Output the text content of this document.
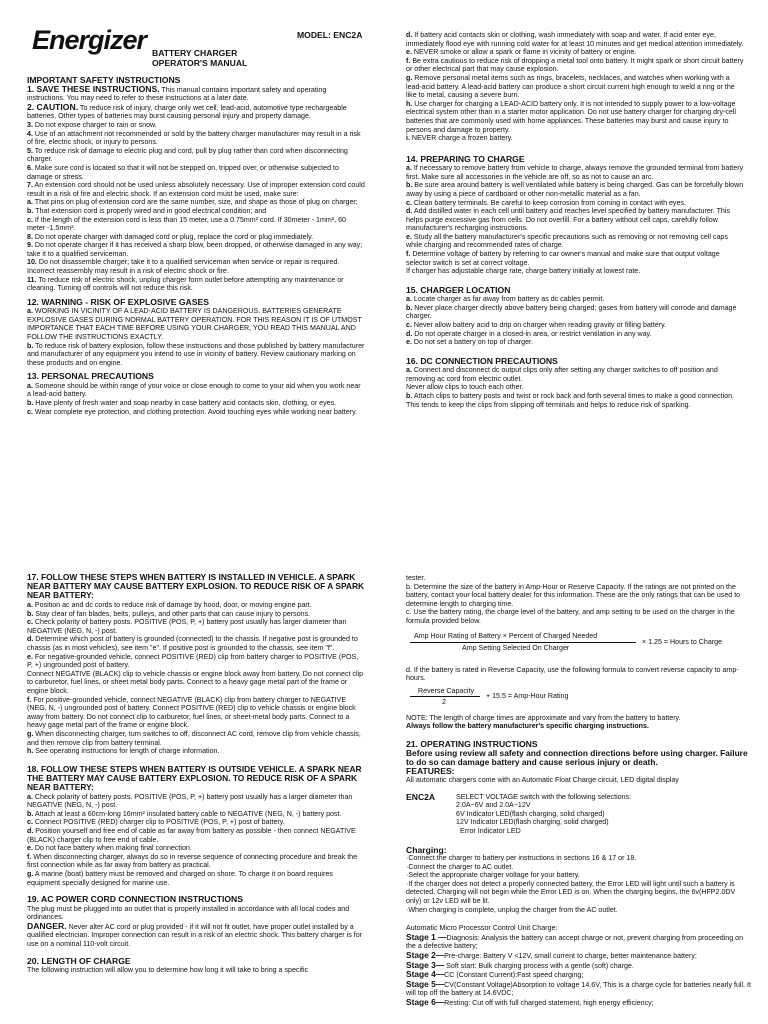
Energizer BATTERY CHARGER
OPERATOR'S MANUAL
MODEL: ENC2A

IMPORTANT SAFETY INSTRUCTIONS

1. SAVE THESE INSTRUCTIONS. This manual contains important safety and operating instructions. You may need to refer to these instructions at a later date.

2. CAUTION. To reduce risk of injury, charge only wet cell, lead-acid, automotive type rechargeable batteries. Other types of batteries may burst causing personal injury and property damage.

3. Do not expose charger to rain or snow.

4. Use of an attachment not recommended or sold by the battery charger manufacturer may result in a risk of fire, electric shock, or injury to persons.

5. To reduce risk of damage to electric plug and cord, pull by plug rather than cord when disconnecting charger.

6. Make sure cord is located so that it will not be stepped on, tripped over, or otherwise subjected to damage or stress.

7. An extension cord should not be used unless absolutely necessary. Use of improper extension cord could result in a risk of fire and electric shock. If an extension cord must be used, make sure:

a. That pins on plug of extension cord are the same number, size, and shape as those of plug on charger;

b. That extension cord is properly wired and in good electrical condition; and

c. If the length of the extension cord is less than 15 meter, use a 0.75mm² cord. If 30meter - 1mm², 60 meter -1.5mm².

8. Do not operate charger with damaged cord or plug, replace the cord or plug immediately.

9. Do not operate charger if it has received a sharp blow, been dropped, or otherwise damaged in any way; take it to a qualified serviceman.

10. Do not disassemble charger; take it to a qualified serviceman when service or repair is required. Incorrect reassembly may result in a risk of electric shock or fire.

11. To reduce risk of electric shock, unplug charger form outlet before attempting any maintenance or cleaning. Turning off controls will not reduce this risk.

12. WARNING - RISK OF EXPLOSIVE GASES

a. WORKING IN VICINITY OF A LEAD-ACID BATTERY IS DANGEROUS. BATTERIES GENERATE EXPLOSIVE GASES DURING NORMAL BATTERY OPERATION. FOR THIS REASON IT IS OF UTMOST IMPORTANCE THAT EACH TIME BEFORE USING YOUR CHARGER, YOU READ THIS MANUAL AND FOLLOW THE INSTRUCTIONS EXACTLY.

b. To reduce risk of battery explosion, follow these instructions and those published by battery manufacturer and manufacturer of any equipment you intend to use in vicinity of battery. Review cautionary marking on these products and on engine.

13. PERSONAL PRECAUTIONS

a. Someone should be within range of your voice or close enough to come to your aid when you work near a lead-acid battery.

b. Have plenty of fresh water and soap nearby in case battery acid contacts skin, clothing, or eyes.

c. Wear complete eye protection, and clothing protection. Avoid touching eyes while working near battery.

d. If battery acid contacts skin or clothing, wash immediately with soap and water. If acid enter eye, immediately flood eye with running cold water for at least 10 minutes and get medical attention immediately.

e. NEVER smoke or allow a spark or flame in vicinity of battery or engine.

f. Be extra cautious to reduce risk of dropping a metal tool onto battery. It might spark or short circuit battery or other electrical part that may cause explosion.

g. Remove personal metal items such as rings, bracelets, necklaces, and watches when working with a lead-acid battery. A lead-acid battery can produce a short circuit current high enough to weld a ring or the like to metal, causing a severe burn.

h. Use charger for charging a LEAD-ACID battery only. It is not intended to supply power to a low-voltage electrical system other than in a starter motor application. Do not use battery charger for charging dry-cell batteries that are commonly used with home appliances. These batteries may burst and cause injury to persons and damage to property.

i. NEVER charge a frozen battery.

14. PREPARING TO CHARGE

a. If necessary to remove battery from vehicle to charge, always remove the grounded terminal from battery first. Make sure all accessories in the vehicle are off, so as not to cause an arc.

b. Be sure area around battery is well ventilated while battery is being charged. Gas can be forcefully blown away by using a piece of cardboard or other non-metallic material as a fan.

c. Clean battery terminals. Be careful to keep corrosion from coming in contact with eyes.

d. Add distilled water in each cell until battery acid reaches level specified by battery manufacturer. This helps purge excessive gas from cells. Do not overfill. For a battery without cell caps, carefully follow manufacturer's recharging instructions.

e. Study all the battery manufacturer's specific precautions such as removing or not removing cell caps while charging and recommended rates of charge.

f. Determine voltage of battery by referring to car owner's manual and make sure that output voltage selector switch is set at correct voltage.

If charger has adjustable charge rate, charge battery initially at lowest rate.

15. CHARGER LOCATION

a. Locate charger as far away from battery as dc cables permit.

b. Never place charger directly above battery being charged; gases from battery will corrode and damage charger.

c. Never allow battery acid to drip on charger when reading gravity or filling battery.

d. Do not operate charger in a closed-in area, or restrict ventilation in any way.

e. Do not set a battery on top of charger.

16. DC CONNECTION PRECAUTIONS

a. Connect and disconnect dc output clips only after setting any charger switches to off position and removing ac cord from electric outlet.

Never allow clips to touch each other.

b. Attach clips to battery posts and twist or rock back and forth several times to make a good connection. This tends to keep the clips from slipping off terminals and helps to reduce risk of sparking.

17. FOLLOW THESE STEPS WHEN BATTERY IS INSTALLED IN VEHICLE. A SPARK NEAR BATTERY MAY CAUSE BATTERY EXPLOSION. TO REDUCE RISK OF A SPARK NEAR BATTERY:

a. Position ac and dc cords to reduce risk of damage by hood, door, or moving engine part.

b. Stay clear of fan blades, belts, pulleys, and other parts that can cause injury to persons.

c. Check polarity of battery posts. POSITIVE (POS, P, +) battery post usually has larger diameter than NEGATIVE (NEG, N, -) post.

d. Determine which post of battery is grounded (connected) to the chassis. If negative post is grounded to chassis (as in most vehicles), see item "e". If positive post is grounded to the chassis, see item "f".

e. For negative-grounded vehicle, connect POSITIVE (RED) clip from battery charger to POSITIVE (POS, P, +) ungrounded post of battery.

Connect NEGATIVE (BLACK) clip to vehicle chassis or engine block away from battery. Do not connect clip to carburetor, fuel lines, or sheet metal body parts. Connect to a heavy gage metal part of the frame or engine block.

f. For positive-grounded vehicle, connect NEGATIVE (BLACK) clip from battery charger to NEGATIVE (NEG, N, -) ungrounded post of battery. Connect POSITIVE (RED) clip to vehicle chassis or engine block away from battery. Do not connect clip to carburetor, fuel lines, or sheet-metal body parts. Connect to a heavy gage metal part of the frame or engine block.

g. When disconnecting charger, turn switches to off, disconnect AC cord, remove clip from vehicle chassis, and then remove clip from battery terminal.

h. See operating instructions for length of charge information.

18. FOLLOW THESE STEPS WHEN BATTERY IS OUTSIDE VEHICLE. A SPARK NEAR THE BATTERY MAY CAUSE BATTERY EXPLOSION. TO REDUCE RISK OF A SPARK NEAR BATTERY:

a. Check polarity of battery posts. POSITIVE (POS, P, +) battery post usually has a larger diameter than NEGATIVE (NEG, N, -) post.

b. Attach at least a 60cm-long 16mm² insulated battery cable to NEGATIVE (NEG, N, -) battery post.

c. Connect POSITIVE (RED) charger clip to POSITIVE (POS, P, +) post of battery.

d. Position yourself and free end of cable as far away from battery as possible - then connect NEGATIVE (BLACK) charger clip to free end of cable.

e. Do not face battery when making final connection.

f. When disconnecting charger, always do so in reverse sequence of connecting procedure and break the first connection while as far away from battery as practical.

g. A marine (boat) battery must be removed and charged on shore. To charge it on board requires equipment specially designed for marine use.

19. AC POWER CORD CONNECTION INSTRUCTIONS

The plug must be plugged into an outlet that is properly installed in accordance with all local codes and ordinances.

DANGER. Never alter AC cord or plug provided - if it will not fit outlet, have proper outlet installed by a qualified electrician. Improper connection can result in a risk of an electric shock. This battery charger is for use on a nominal 110-volt circuit.

20. LENGTH OF CHARGE

The following instruction will allow you to determine how long it will take to bring a specific

tester.

b. Determine the size of the battery in Amp-Hour or Reserve Capacity. If the ratings are not printed on the battery, contact your local battery dealer for this information. These are the only ratings that can be used to determine length to charging time.

c. Use the battery rating, the charge level of the battery, and amp setting to be used on the charger in the formula provided below.

Amp Hour Rating of Battery × Percent of Charged Needed
Amp Setting Selected On Charger
× 1.25 = Hours to Charge

d. If the battery is rated in Reverse Capacity, use the following formula to convert reverse capacity to amp-hours.

Reverse Capacity
2
+ 15.5 = Amp-Hour Rating

NOTE: The length of charge times are approximate and vary from the battery to battery.

Always follow the battery manufacturer's specific charging instructions.

21. OPERATING INSTRUCTIONS

Before using review all safety and connection directions before using charger. Failure to do so can damage battery and cause serious injury or death.

FEATURES:

All automatic chargers come with an Automatic Float Charge circuit, LED digital display

ENC2A	SELECT VOLTAGE switch with the following selections:
2.0A~6V and 2.0A~12V
6V Indicator LED(flash charging, solid charged)
12V Indicator LED(flash charging, solid charged)
Error Indicator LED

Charging:

·Connect the charger to battery per instructions in sections 16 & 17 or 18.

·Connect the charger to AC outlet.

·Select the appropriate charger voltage for your battery.

·If the charger does not detect a properly connected battery, the Error LED will light until such a battery is detected. Charging will not begin while the Error LED is on. When the charging begins, the 6v(HFP2.0DV only) or 12v LED will be lit.

·When charging is complete, unplug the charger from the AC outlet.

Automatic Micro Processor Control Unit Charge:

Stage 1 —Diagnosis: Analysis the battery can accept charge or not, prevent charging from proceeding on the a defective battery;

Stage 2—Pre-charge: Battery V <12V, small current to charge, better maintenance battery;

Stage 3— Soft start: Bulk charging process with a gentle (soft) charge.

Stage 4—CC (Constant Current):Fast speed charging;

Stage 5—CV(Constant Voltage)Absorption to voltage 14.6V, This is a charge cycle for batteries nearly full. It will top off the battery at 14.6VDC;

Stage 6—Resting: Cut off with full charged statement, high energy efficiency;
